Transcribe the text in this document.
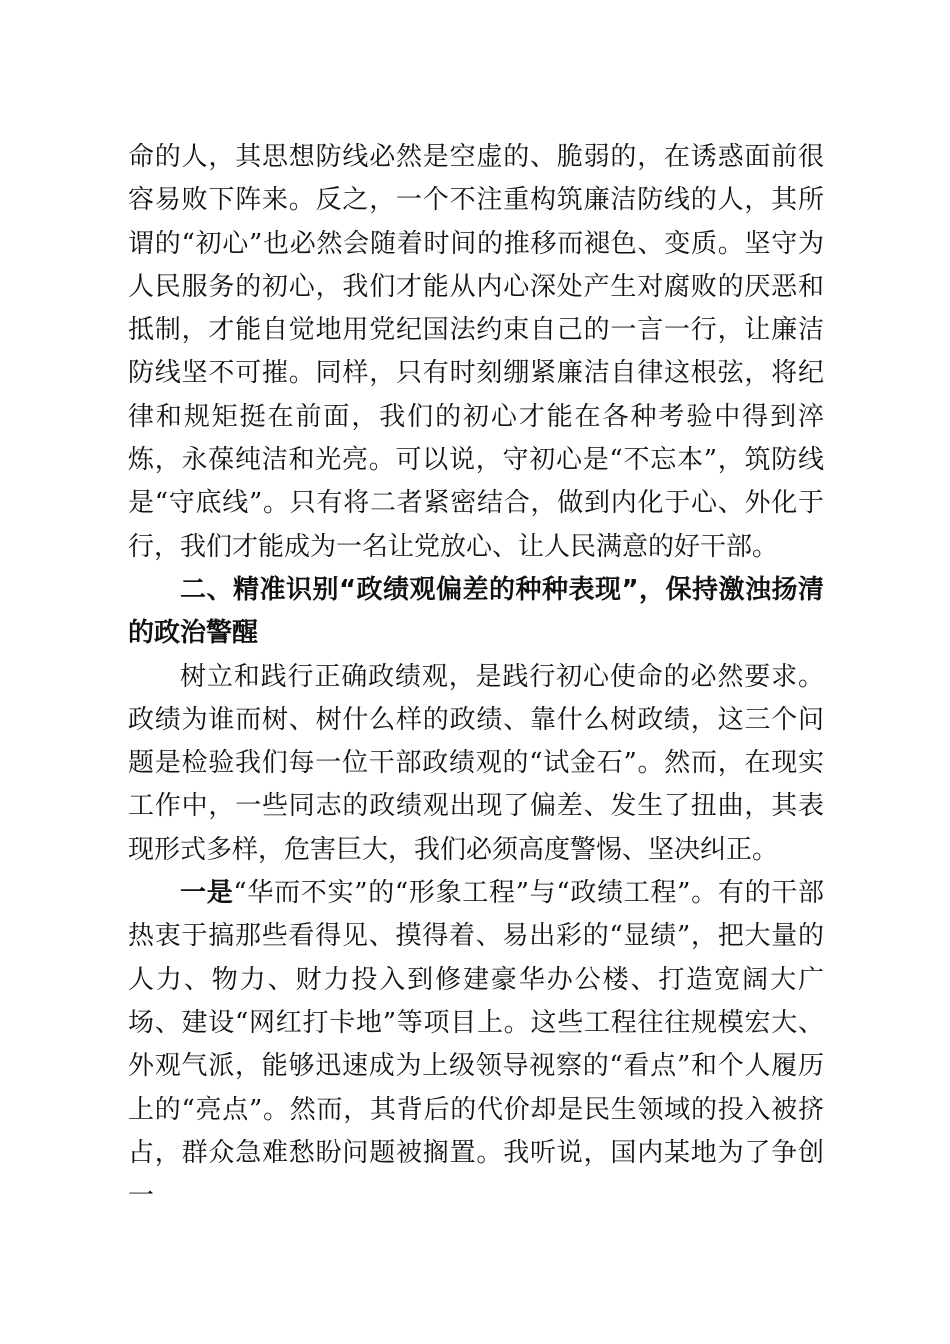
命的人，其思想防线必然是空虚的、脆弱的，在诱惑面前很容易败下阵来。反之，一个不注重构筑廉洁防线的人，其所谓的“初心”也必然会随着时间的推移而褪色、变质。坚守为人民服务的初心，我们才能从内心深处产生对腐败的厌恶和抵制，才能自觉地用党纪国法约束自己的一言一行，让廉洁防线坚不可摧。同样，只有时刻绷紧廉洁自律这根弦，将纪律和规矩挺在前面，我们的初心才能在各种考验中得到淬炼，永葆纯洁和光亮。可以说，守初心是“不忘本”，筑防线是“守底线”。只有将二者紧密结合，做到内化于心、外化于行，我们才能成为一名让党放心、让人民满意的好干部。

二、精准识别“政绩观偏差的种种表现”，保持激浊扬清的政治警醒

树立和践行正确政绩观，是践行初心使命的必然要求。政绩为谁而树、树什么样的政绩、靠什么树政绩，这三个问题是检验我们每一位干部政绩观的“试金石”。然而，在现实工作中，一些同志的政绩观出现了偏差、发生了扭曲，其表现形式多样，危害巨大，我们必须高度警惕、坚决纠正。

一是“华而不实”的“形象工程”与“政绩工程”。有的干部热衷于搞那些看得见、摸得着、易出彩的“显绩”，把大量的人力、物力、财力投入到修建豪华办公楼、打造宽阔大广场、建设“网红打卡地”等项目上。这些工程往往规模宏大、外观气派，能够迅速成为上级领导视察的“看点”和个人履历上的“亮点”。然而，其背后的代价却是民生领域的投入被挤占，群众急难愁盼问题被搁置。我听说，国内某地为了争创一
